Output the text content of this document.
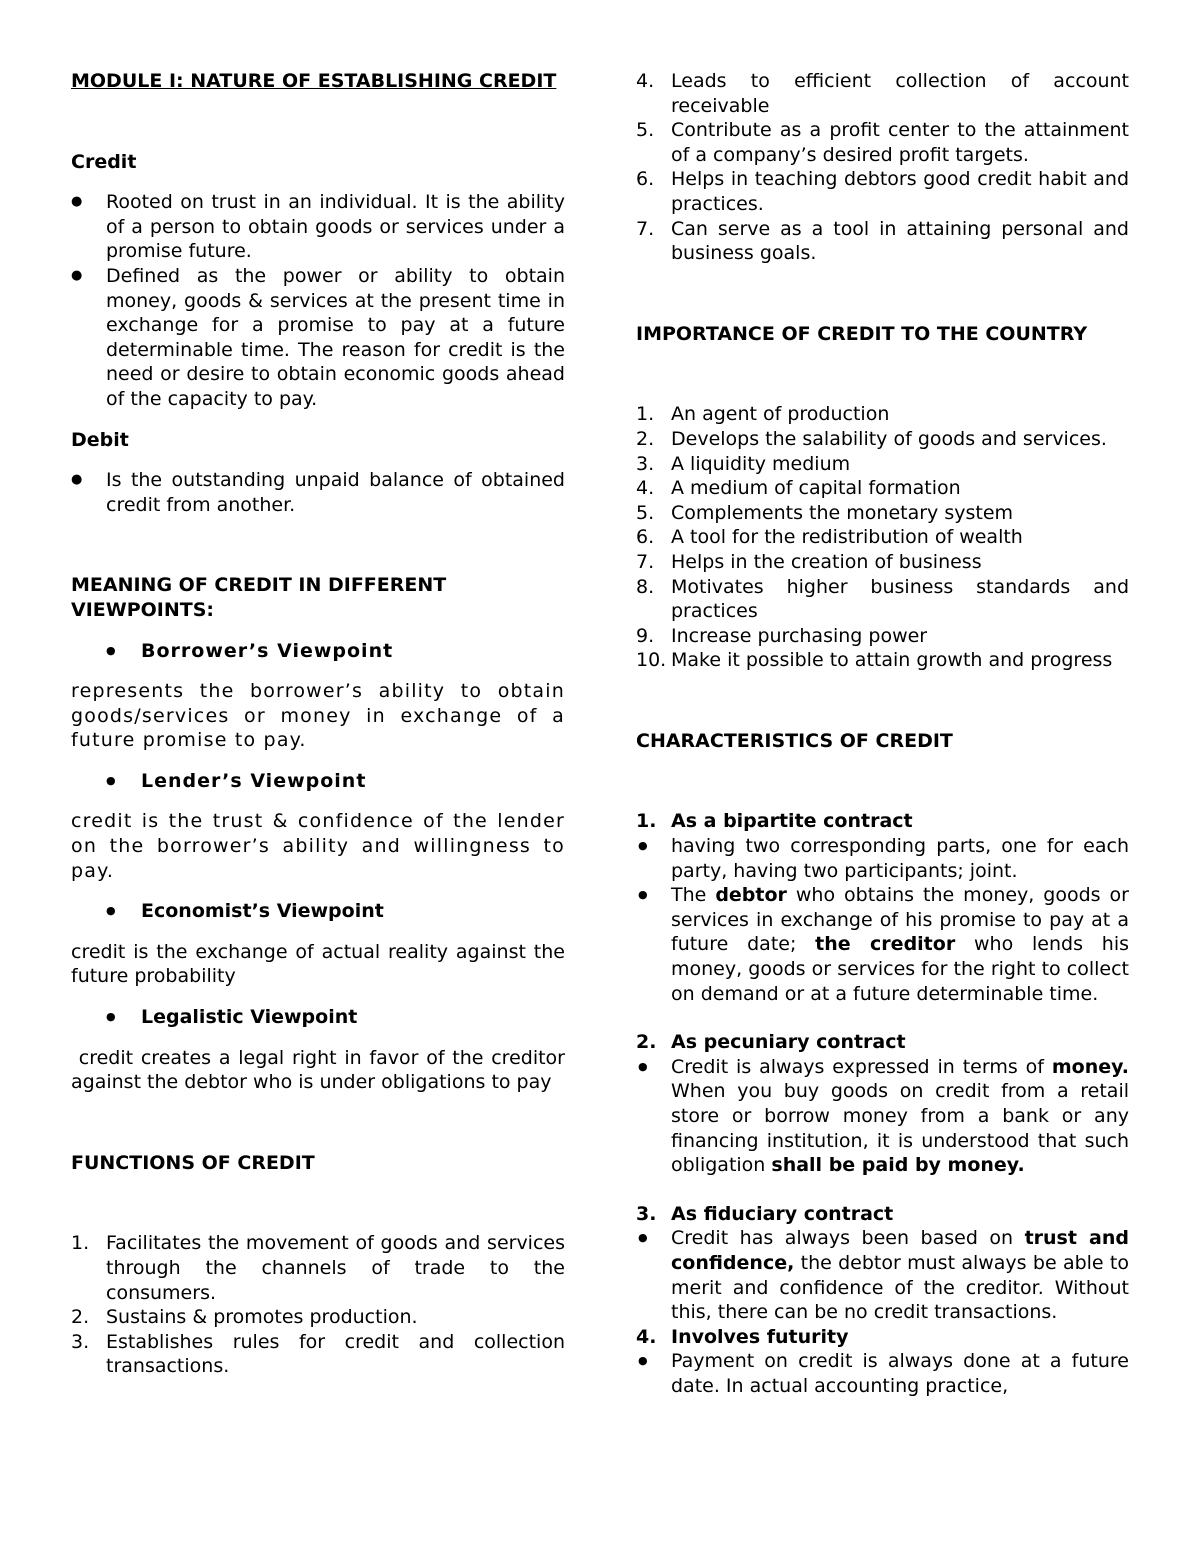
MODULE I: NATURE OF ESTABLISHING CREDIT
Credit
● Rooted on trust in an individual. It is the ability of a person to obtain goods or services under a promise future.
● Defined as the power or ability to obtain money, goods & services at the present time in exchange for a promise to pay at a future determinable time. The reason for credit is the need or desire to obtain economic goods ahead of the capacity to pay.
Debit
● Is the outstanding unpaid balance of obtained credit from another.
MEANING OF CREDIT IN DIFFERENT VIEWPOINTS:
● Borrower’s Viewpoint
represents the borrower’s ability to obtain goods/services or money in exchange of a future promise to pay.
● Lender’s Viewpoint
credit is the trust & confidence of the lender on the borrower’s ability and willingness to pay.
● Economist’s Viewpoint
credit is the exchange of actual reality against the future probability
● Legalistic Viewpoint
credit creates a legal right in favor of the creditor against the debtor who is under obligations to pay
FUNCTIONS OF CREDIT
1. Facilitates the movement of goods and services through the channels of trade to the consumers.
2. Sustains & promotes production.
3. Establishes rules for credit and collection transactions.
4. Leads to efficient collection of account receivable
5. Contribute as a profit center to the attainment of a company’s desired profit targets.
6. Helps in teaching debtors good credit habit and practices.
7. Can serve as a tool in attaining personal and business goals.
IMPORTANCE OF CREDIT TO THE COUNTRY
1. An agent of production
2. Develops the salability of goods and services.
3. A liquidity medium
4. A medium of capital formation
5. Complements the monetary system
6. A tool for the redistribution of wealth
7. Helps in the creation of business
8. Motivates higher business standards and practices
9. Increase purchasing power
10. Make it possible to attain growth and progress
CHARACTERISTICS OF CREDIT
1. As a bipartite contract
● having two corresponding parts, one for each party, having two participants; joint.
● The debtor who obtains the money, goods or services in exchange of his promise to pay at a future date; the creditor who lends his money, goods or services for the right to collect on demand or at a future determinable time.
2. As pecuniary contract
● Credit is always expressed in terms of money. When you buy goods on credit from a retail store or borrow money from a bank or any financing institution, it is understood that such obligation shall be paid by money.
3. As fiduciary contract
● Credit has always been based on trust and confidence, the debtor must always be able to merit and confidence of the creditor. Without this, there can be no credit transactions.
4. Involves futurity
● Payment on credit is always done at a future date. In actual accounting practice,
